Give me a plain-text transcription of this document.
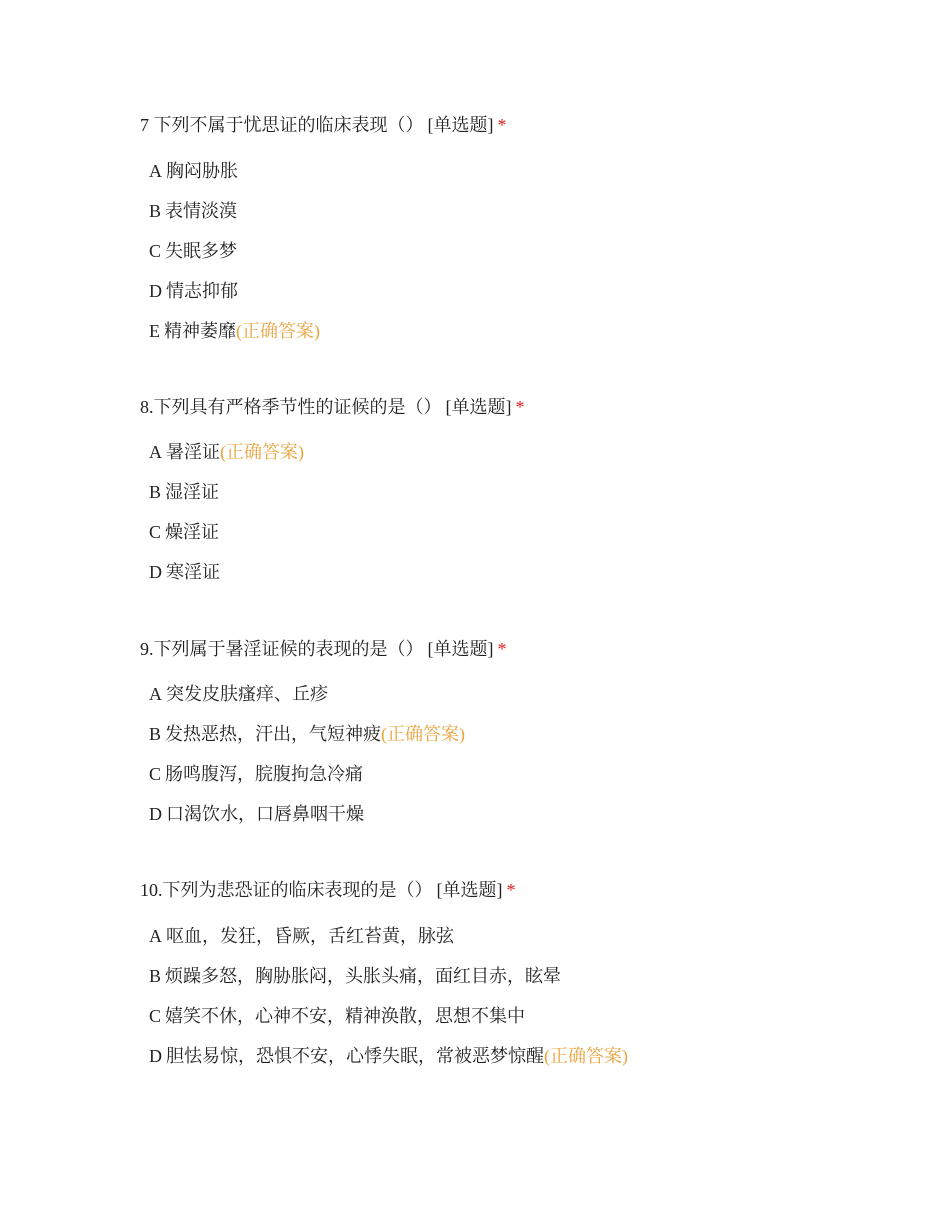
7 下列不属于忧思证的临床表现（） [单选题] *
A 胸闷胁胀
B 表情淡漠
C 失眠多梦
D 情志抑郁
E 精神萎靡(正确答案)
8.下列具有严格季节性的证候的是（） [单选题] *
A 暑淫证(正确答案)
B 湿淫证
C 燥淫证
D 寒淫证
9.下列属于暑淫证候的表现的是（） [单选题] *
A 突发皮肤瘙痒、丘疹
B 发热恶热，汗出，气短神疲(正确答案)
C 肠鸣腹泻，脘腹拘急冷痛
D 口渴饮水，口唇鼻咽干燥
10.下列为悲恐证的临床表现的是（） [单选题] *
A 呕血，发狂，昏厥，舌红苔黄，脉弦
B 烦躁多怒，胸胁胀闷，头胀头痛，面红目赤，眩晕
C 嬉笑不休，心神不安，精神涣散，思想不集中
D 胆怯易惊，恐惧不安，心悸失眠，常被恶梦惊醒(正确答案)
